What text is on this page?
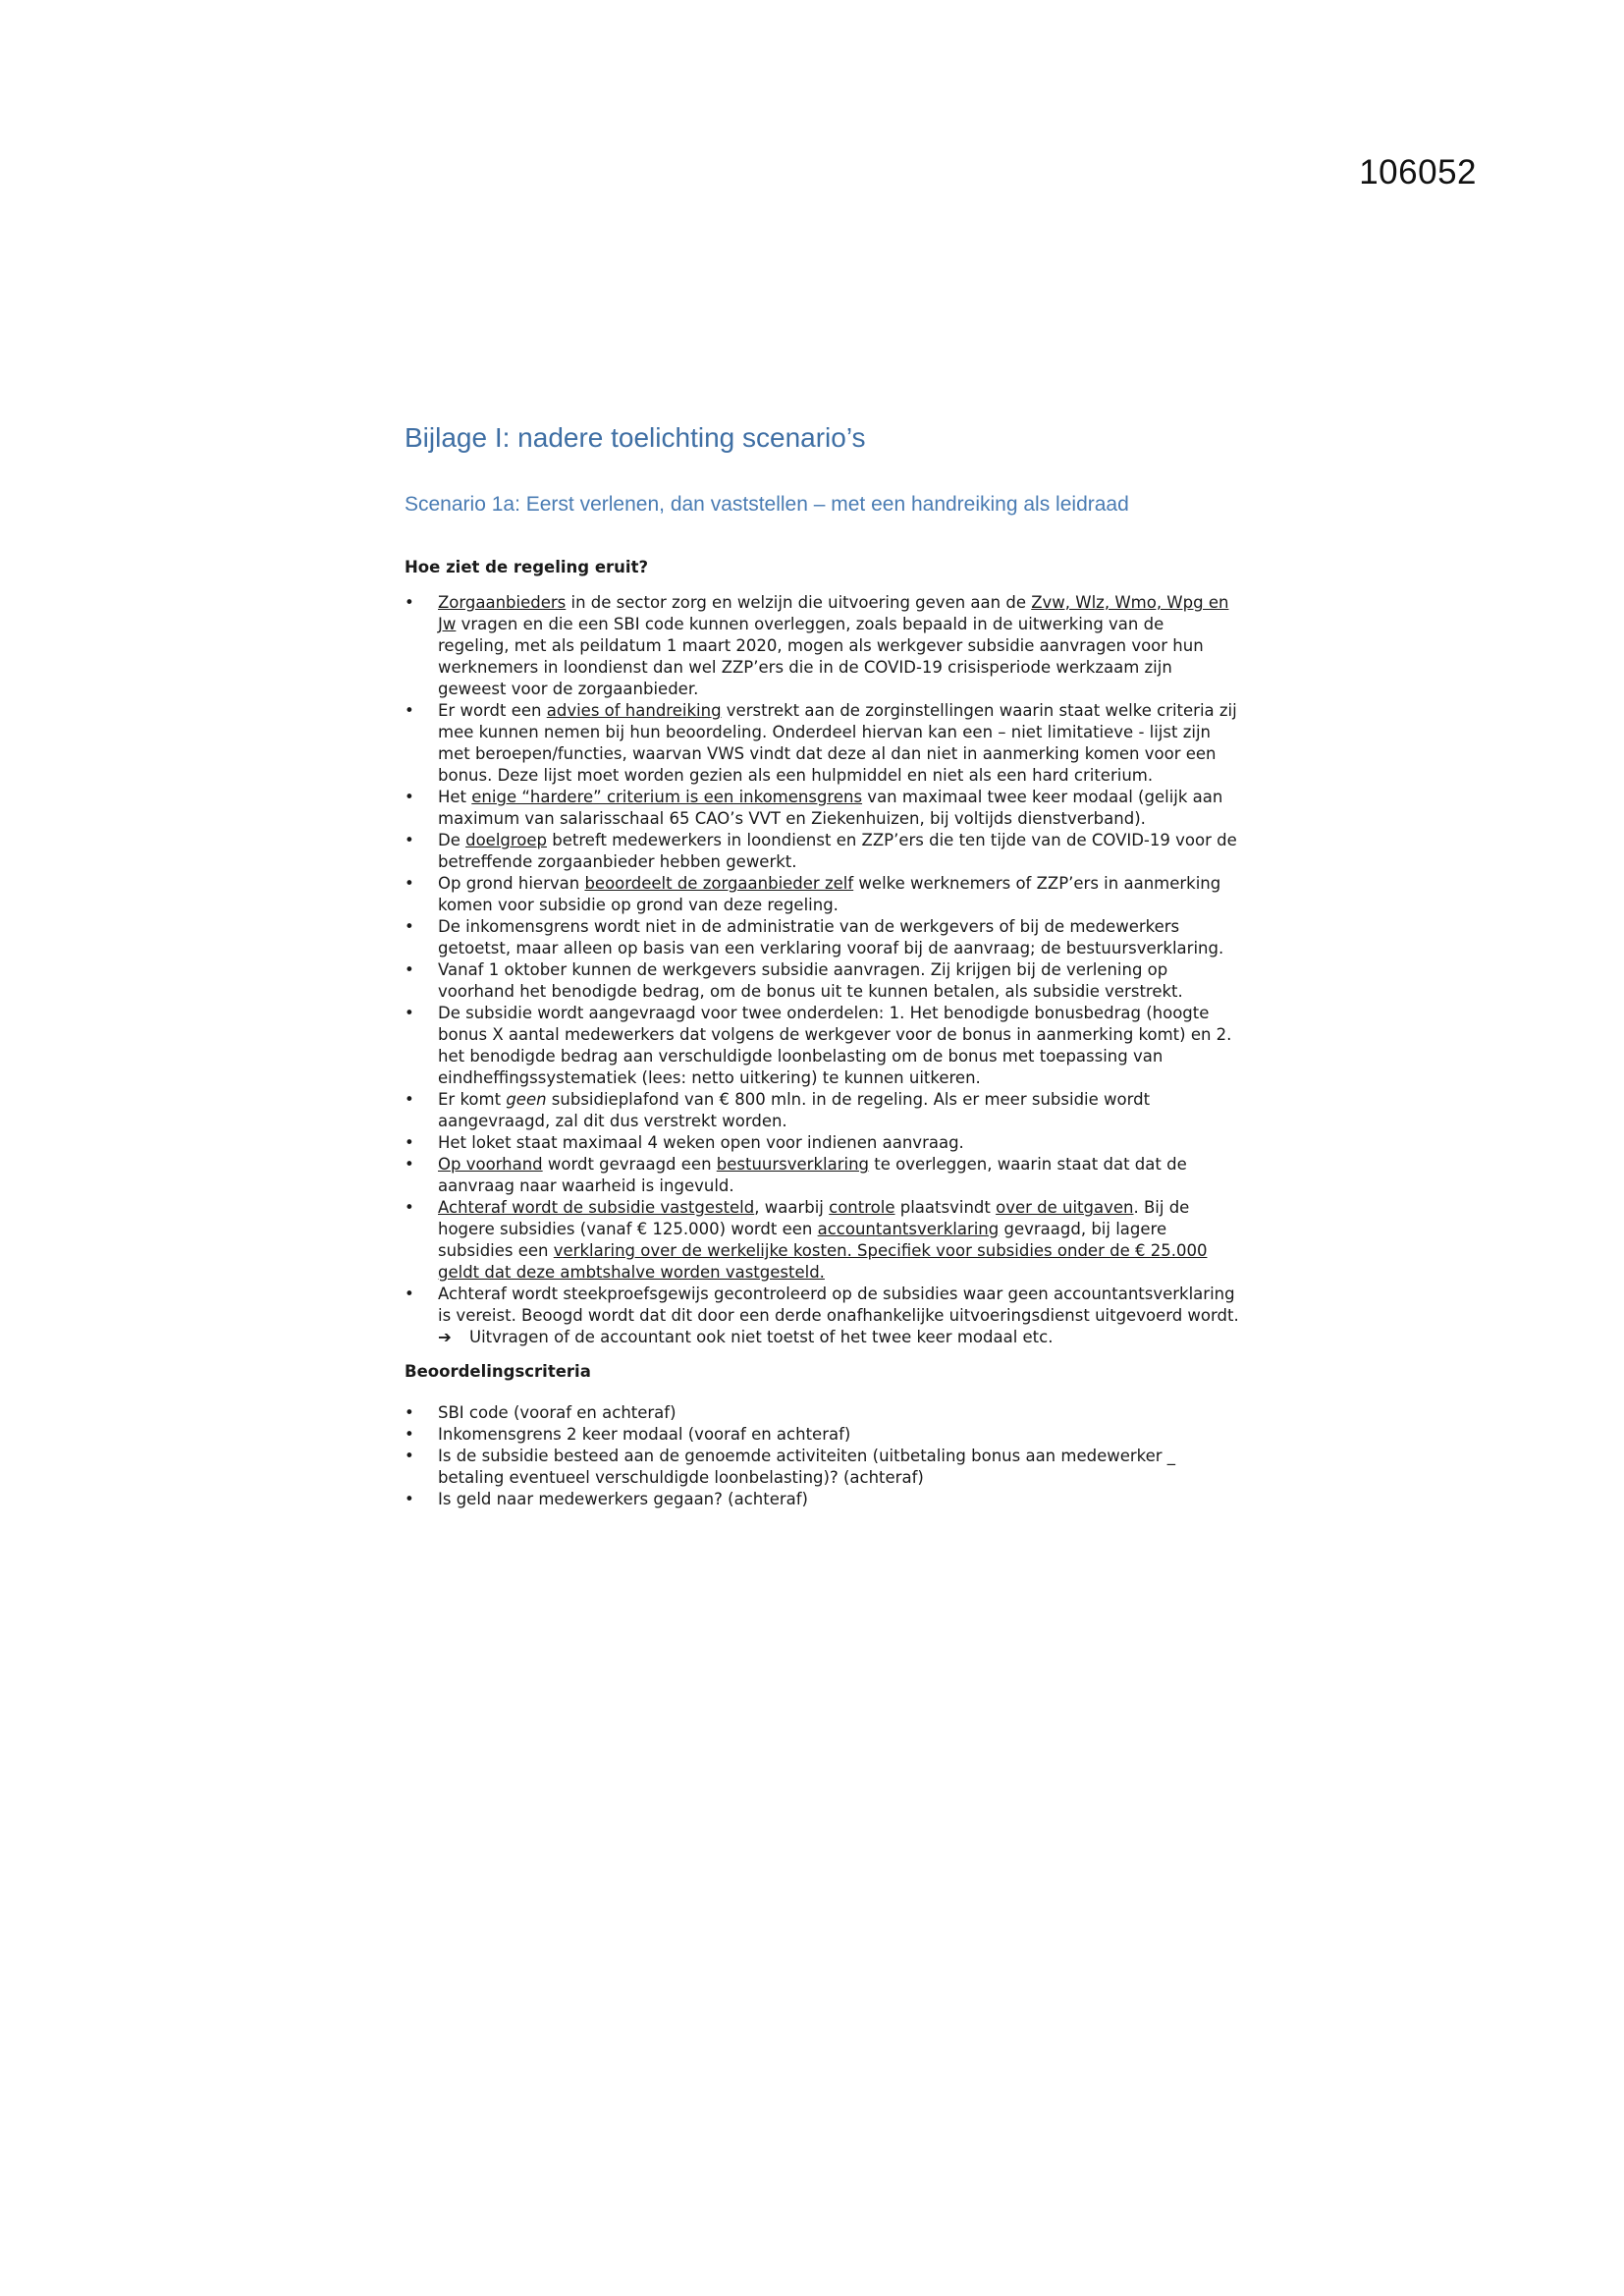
106052
Bijlage I: nadere toelichting scenario’s
Scenario 1a: Eerst verlenen, dan vaststellen – met een handreiking als leidraad
Hoe ziet de regeling eruit?
•	Zorgaanbieders in de sector zorg en welzijn die uitvoering geven aan de Zvw, Wlz, Wmo, Wpg en Jw vragen en die een SBI code kunnen overleggen, zoals bepaald in de uitwerking van de regeling, met als peildatum 1 maart 2020, mogen als werkgever subsidie aanvragen voor hun werknemers in loondienst dan wel ZZP’ers die in de COVID-19 crisisperiode werkzaam zijn geweest voor de zorgaanbieder.
•	Er wordt een advies of handreiking verstrekt aan de zorginstellingen waarin staat welke criteria zij mee kunnen nemen bij hun beoordeling. Onderdeel hiervan kan een – niet limitatieve - lijst zijn met beroepen/functies, waarvan VWS vindt dat deze al dan niet in aanmerking komen voor een bonus. Deze lijst moet worden gezien als een hulpmiddel en niet als een hard criterium.
•	Het enige “hardere” criterium is een inkomensgrens van maximaal twee keer modaal (gelijk aan maximum van salarisschaal 65 CAO’s VVT en Ziekenhuizen, bij voltijds dienstverband).
•	De doelgroep betreft medewerkers in loondienst en ZZP’ers die ten tijde van de COVID-19 voor de betreffende zorgaanbieder hebben gewerkt.
•	Op grond hiervan beoordeelt de zorgaanbieder zelf welke werknemers of ZZP’ers in aanmerking komen voor subsidie op grond van deze regeling.
•	De inkomensgrens wordt niet in de administratie van de werkgevers of bij de medewerkers getoetst, maar alleen op basis van een verklaring vooraf bij de aanvraag; de bestuursverklaring.
•	Vanaf 1 oktober kunnen de werkgevers subsidie aanvragen. Zij krijgen bij de verlening op voorhand het benodigde bedrag, om de bonus uit te kunnen betalen, als subsidie verstrekt.
•	De subsidie wordt aangevraagd voor twee onderdelen: 1. Het benodigde bonusbedrag (hoogte bonus X aantal medewerkers dat volgens de werkgever voor de bonus in aanmerking komt) en 2. het benodigde bedrag aan verschuldigde loonbelasting om de bonus met toepassing van eindheffingssystematiek (lees: netto uitkering) te kunnen uitkeren.
•	Er komt geen subsidieplafond van € 800 mln. in de regeling. Als er meer subsidie wordt aangevraagd, zal dit dus verstrekt worden.
•	Het loket staat maximaal 4 weken open voor indienen aanvraag.
•	Op voorhand wordt gevraagd een bestuursverklaring te overleggen, waarin staat dat dat de aanvraag naar waarheid is ingevuld.
•	Achteraf wordt de subsidie vastgesteld, waarbij controle plaatsvindt over de uitgaven. Bij de hogere subsidies (vanaf € 125.000) wordt een accountantsverklaring gevraagd, bij lagere subsidies een verklaring over de werkelijke kosten. Specifiek voor subsidies onder de € 25.000 geldt dat deze ambtshalve worden vastgesteld.
•	Achteraf wordt steekproefsgewijs gecontroleerd op de subsidies waar geen accountantsverklaring is vereist. Beoogd wordt dat dit door een derde onafhankelijke uitvoeringsdienst uitgevoerd wordt.
➔ Uitvragen of de accountant ook niet toetst of het twee keer modaal etc.
Beoordelingscriteria
•	SBI code (vooraf en achteraf)
•	Inkomensgrens 2 keer modaal (vooraf en achteraf)
•	Is de subsidie besteed aan de genoemde activiteiten (uitbetaling bonus aan medewerker _ betaling eventueel verschuldigde loonbelasting)? (achteraf)
•	Is geld naar medewerkers gegaan? (achteraf)
